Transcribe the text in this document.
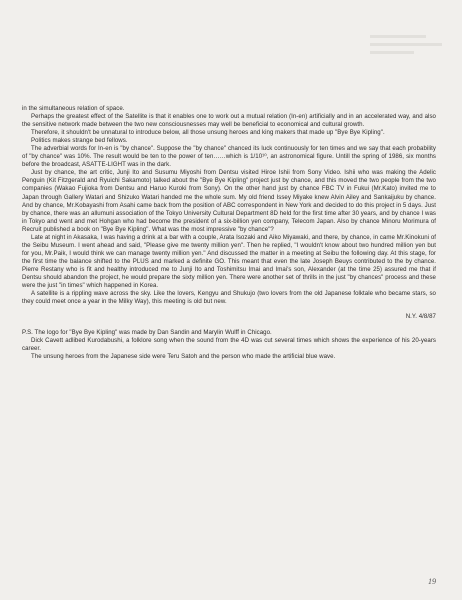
in the simultaneous relation of space.

Perhaps the greatest effect of the Satellite is that it enables one to work out a mutual relation (In-en) artificially and in an accelerated way, and also the sensitive network made between the two new consciousnesses may well be beneficial to economical and cultural growth.

Therefore, it shouldn't be unnatural to introduce below, all those unsung heroes and king makers that made up "Bye Bye Kipling".

Politics makes strange bed fellows.

The adverbial words for In-en is "by chance". Suppose the "by chance" chanced its luck continuously for ten times and we say that each probability of "by chance" was 10%. The result would be ten to the power of ten……which is 1/10¹⁰, an astronomical figure. Untill the spring of 1986, six months before the broadcast, ASATTE-LIGHT was in the dark.

Just by chance, the art critic, Junji Ito and Susumu Miyoshi from Dentsu visited Hiroe Ishii from Sony Video. Ishii who was making the Adelic Penguin (Kit Fitzgerald and Ryuichi Sakamoto) talked about the "Bye Bye Kipling" project just by chance, and this moved the two people from the two companies (Wakao Fujioka from Dentsu and Haruo Kuroki from Sony). On the other hand just by chance FBC TV in Fukui (Mr.Kato) invited me to Japan through Gallery Watari and Shizuko Watari handed me the whole sum. My old friend Issey Miyake knew Alvin Ailey and Sankaijuku by chance. And by chance, Mr.Kobayashi from Asahi came back from the position of ABC correspondent in New York and decided to do this project in 5 days. Just by chance, there was an allumuni association of the Tokyo University Cultural Department 8D held for the first time after 30 years, and by chance I was in Tokyo and went and met Hohgan who had become the president of a six-billion yen company, Telecom Japan. Also by chance Minoru Morimura of Recruit published a book on "Bye Bye Kipling". What was the most impressive "by chance"?

Late at night in Akasaka, I was having a drink at a bar with a couple, Arata Isozaki and Aiko Miyawaki, and there, by chance, in came Mr.Kinokuni of the Seibu Museum. I went ahead and said, "Please give me twenty million yen". Then he replied, "I wouldn't know about two hundred million yen but for you, Mr.Paik, I would think we can manage twenty million yen." And discussed the matter in a meeting at Seibu the following day. At this stage, for the first time the balance shifted to the PLUS and marked a definite GO. This meant that even the late Joseph Beuys contributed to the by chance. Pierre Restany who is fit and healthy introduced me to Junji Ito and Toshimitsu Imai and Imai's son, Alexander (at the time 25) assured me that if Dentsu should abandon the project, he would prepare the sixty million yen. There were another set of thrills in the just "by chances" process and these were the just "in times" which happened in Korea.

A satellite is a rippling wave across the sky. Like the lovers, Kengyu and Shukujo (two lovers from the old Japanese folktale who became stars, so they could meet once a year in the Milky Way), this meeting is old but new.

N.Y. 4/8/87

P.S. The logo for "Bye Bye Kipling" was made by Dan Sandin and Marylin Wulff in Chicago.

Dick Cavett adlibed Kurodabushi, a folklore song when the sound from the 4D was cut several times which shows the experience of his 20-years career.

The unsung heroes from the Japanese side were Teru Satoh and the person who made the artificial blue wave.

19
